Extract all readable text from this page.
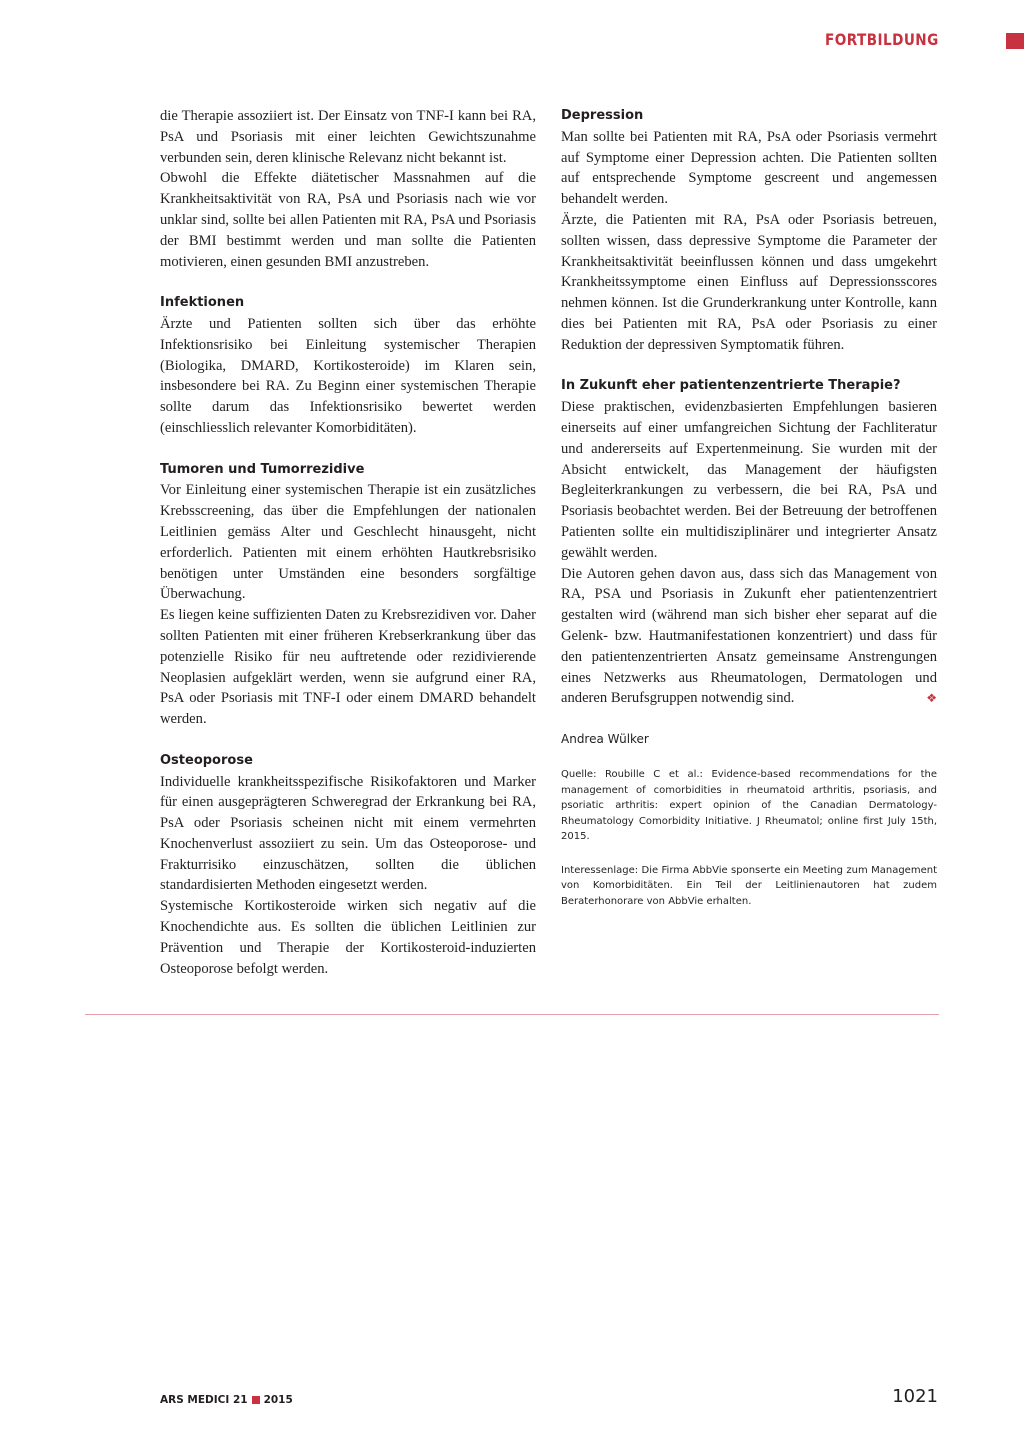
FORTBILDUNG

die Therapie assoziiert ist. Der Einsatz von TNF-I kann bei RA, PsA und Psoriasis mit einer leichten Gewichtszunahme verbunden sein, deren klinische Relevanz nicht bekannt ist.

Obwohl die Effekte diätetischer Massnahmen auf die Krankheitsaktivität von RA, PsA und Psoriasis nach wie vor unklar sind, sollte bei allen Patienten mit RA, PsA und Psoriasis der BMI bestimmt werden und man sollte die Patienten motivieren, einen gesunden BMI anzustreben.

Infektionen

Ärzte und Patienten sollten sich über das erhöhte Infektionsrisiko bei Einleitung systemischer Therapien (Biologika, DMARD, Kortikosteroide) im Klaren sein, insbesondere bei RA. Zu Beginn einer systemischen Therapie sollte darum das Infektionsrisiko bewertet werden (einschliesslich relevanter Komorbiditäten).

Tumoren und Tumorrezidive

Vor Einleitung einer systemischen Therapie ist ein zusätzliches Krebsscreening, das über die Empfehlungen der nationalen Leitlinien gemäss Alter und Geschlecht hinausgeht, nicht erforderlich. Patienten mit einem erhöhten Hautkrebsrisiko benötigen unter Umständen eine besonders sorgfältige Überwachung.

Es liegen keine suffizienten Daten zu Krebsrezidiven vor. Daher sollten Patienten mit einer früheren Krebserkrankung über das potenzielle Risiko für neu auftretende oder rezidivierende Neoplasien aufgeklärt werden, wenn sie aufgrund einer RA, PsA oder Psoriasis mit TNF-I oder einem DMARD behandelt werden.

Osteoporose

Individuelle krankheitsspezifische Risikofaktoren und Marker für einen ausgeprägteren Schweregrad der Erkrankung bei RA, PsA oder Psoriasis scheinen nicht mit einem vermehrten Knochenverlust assoziiert zu sein. Um das Osteoporose- und Frakturrisiko einzuschätzen, sollten die üblichen standardisierten Methoden eingesetzt werden.

Systemische Kortikosteroide wirken sich negativ auf die Knochendichte aus. Es sollten die üblichen Leitlinien zur Prävention und Therapie der Kortikosteroid-induzierten Osteoporose befolgt werden.

Depression

Man sollte bei Patienten mit RA, PsA oder Psoriasis vermehrt auf Symptome einer Depression achten. Die Patienten sollten auf entsprechende Symptome gescreent und angemessen behandelt werden.

Ärzte, die Patienten mit RA, PsA oder Psoriasis betreuen, sollten wissen, dass depressive Symptome die Parameter der Krankheitsaktivität beeinflussen können und dass umgekehrt Krankheitssymptome einen Einfluss auf Depressionsscores nehmen können. Ist die Grunderkrankung unter Kontrolle, kann dies bei Patienten mit RA, PsA oder Psoriasis zu einer Reduktion der depressiven Symptomatik führen.

In Zukunft eher patientenzentrierte Therapie?

Diese praktischen, evidenzbasierten Empfehlungen basieren einerseits auf einer umfangreichen Sichtung der Fachliteratur und andererseits auf Expertenmeinung. Sie wurden mit der Absicht entwickelt, das Management der häufigsten Begleiterkrankungen zu verbessern, die bei RA, PsA und Psoriasis beobachtet werden. Bei der Betreuung der betroffenen Patienten sollte ein multidisziplinärer und integrierter Ansatz gewählt werden.

Die Autoren gehen davon aus, dass sich das Management von RA, PSA und Psoriasis in Zukunft eher patientenzentriert gestalten wird (während man sich bisher eher separat auf die Gelenk- bzw. Hautmanifestationen konzentriert) und dass für den patientenzentrierten Ansatz gemeinsame Anstrengungen eines Netzwerks aus Rheumatologen, Dermatologen und anderen Berufsgruppen notwendig sind.	❖

Andrea Wülker
Quelle: Roubille C et al.: Evidence-based recommendations for the management of comorbidities in rheumatoid arthritis, psoriasis, and psoriatic arthritis: expert opinion of the Canadian Dermatology-Rheumatology Comorbidity Initiative. J Rheumatol; online first July 15th, 2015.
Interessenlage: Die Firma AbbVie sponserte ein Meeting zum Management von Komorbiditäten. Ein Teil der Leitlinienautoren hat zudem Beraterhonorare von AbbVie erhalten.
ARS MEDICI 21 2015	1021
